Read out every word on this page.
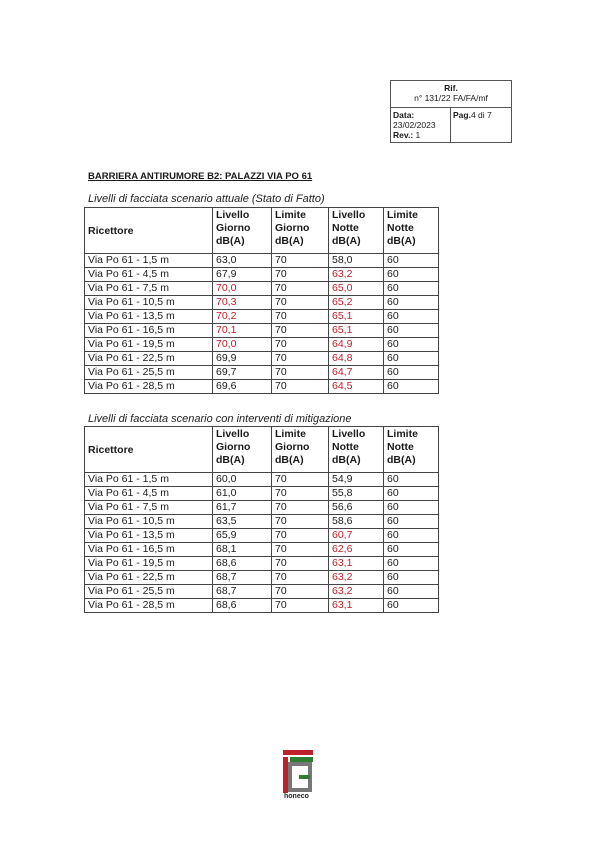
Rif.
n° 131/22 FA/FA/mf
Data:
23/02/2023
Rev.: 1
Pag.4 di 7
BARRIERA ANTIRUMORE B2: PALAZZI VIA PO 61
Livelli di facciata scenario attuale (Stato di Fatto)
Ricettore	Livello
Giorno
dB(A)	Limite
Giorno
dB(A)	Livello
Notte
dB(A)	Limite
Notte
dB(A)
Via Po 61 - 1,5 m	63,0	70	58,0	60
Via Po 61 - 4,5 m	67,9	70	63,2	60
Via Po 61 - 7,5 m	70,0	70	65,0	60
Via Po 61 - 10,5 m	70,3	70	65,2	60
Via Po 61 - 13,5 m	70,2	70	65,1	60
Via Po 61 - 16,5 m	70,1	70	65,1	60
Via Po 61 - 19,5 m	70,0	70	64,9	60
Via Po 61 - 22,5 m	69,9	70	64,8	60
Via Po 61 - 25,5 m	69,7	70	64,7	60
Via Po 61 - 28,5 m	69,6	70	64,5	60
Livelli di facciata scenario con interventi di mitigazione
Ricettore	Livello
Giorno
dB(A)	Limite
Giorno
dB(A)	Livello
Notte
dB(A)	Limite
Notte
dB(A)
Via Po 61 - 1,5 m	60,0	70	54,9	60
Via Po 61 - 4,5 m	61,0	70	55,8	60
Via Po 61 - 7,5 m	61,7	70	56,6	60
Via Po 61 - 10,5 m	63,5	70	58,6	60
Via Po 61 - 13,5 m	65,9	70	60,7	60
Via Po 61 - 16,5 m	68,1	70	62,6	60
Via Po 61 - 19,5 m	68,6	70	63,1	60
Via Po 61 - 22,5 m	68,7	70	63,2	60
Via Po 61 - 25,5 m	68,7	70	63,2	60
Via Po 61 - 28,5 m	68,6	70	63,1	60
honeco
